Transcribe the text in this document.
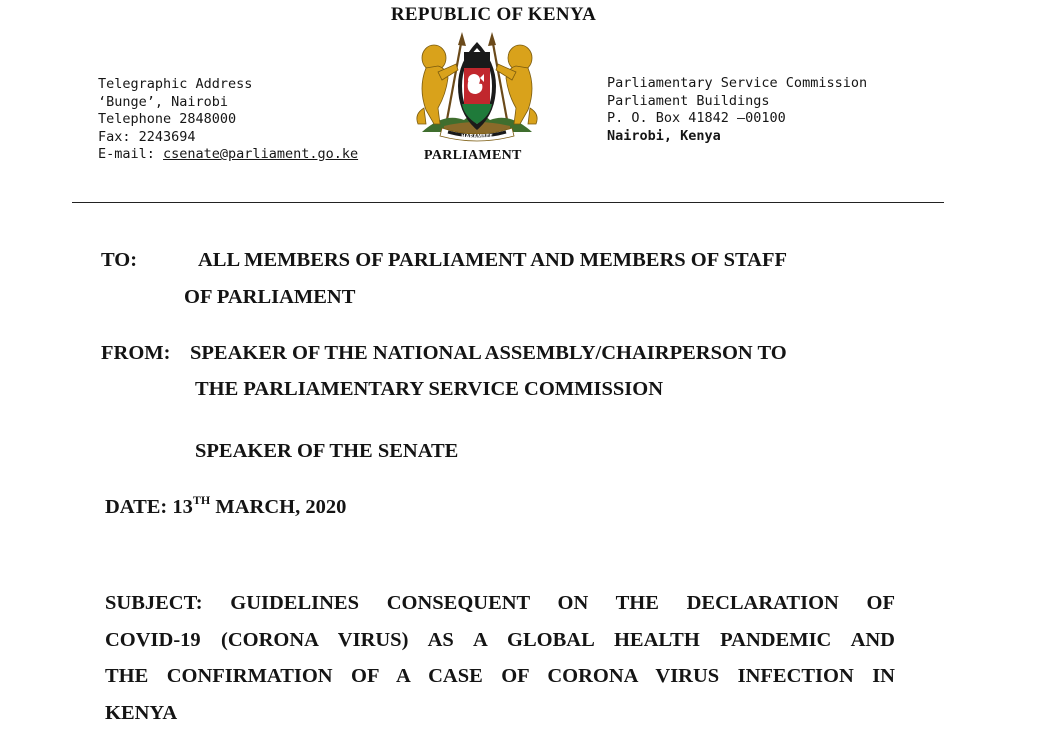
REPUBLIC OF KENYA
Telegraphic Address
‘Bunge’, Nairobi
Telephone 2848000
Fax: 2243694
E-mail: csenate@parliament.go.ke
HARAMBEE
PARLIAMENT
Parliamentary Service Commission
Parliament Buildings
P. O. Box 41842 –00100
Nairobi, Kenya
TO:	ALL MEMBERS OF PARLIAMENT AND MEMBERS OF STAFF
OF PARLIAMENT
FROM: SPEAKER OF THE NATIONAL ASSEMBLY/CHAIRPERSON TO
THE PARLIAMENTARY SERVICE COMMISSION
SPEAKER OF THE SENATE
DATE: 13TH MARCH, 2020
SUBJECT: GUIDELINES CONSEQUENT ON THE DECLARATION OF
COVID-19 (CORONA VIRUS) AS A GLOBAL HEALTH PANDEMIC AND
THE CONFIRMATION OF A CASE OF CORONA VIRUS INFECTION IN
KENYA
